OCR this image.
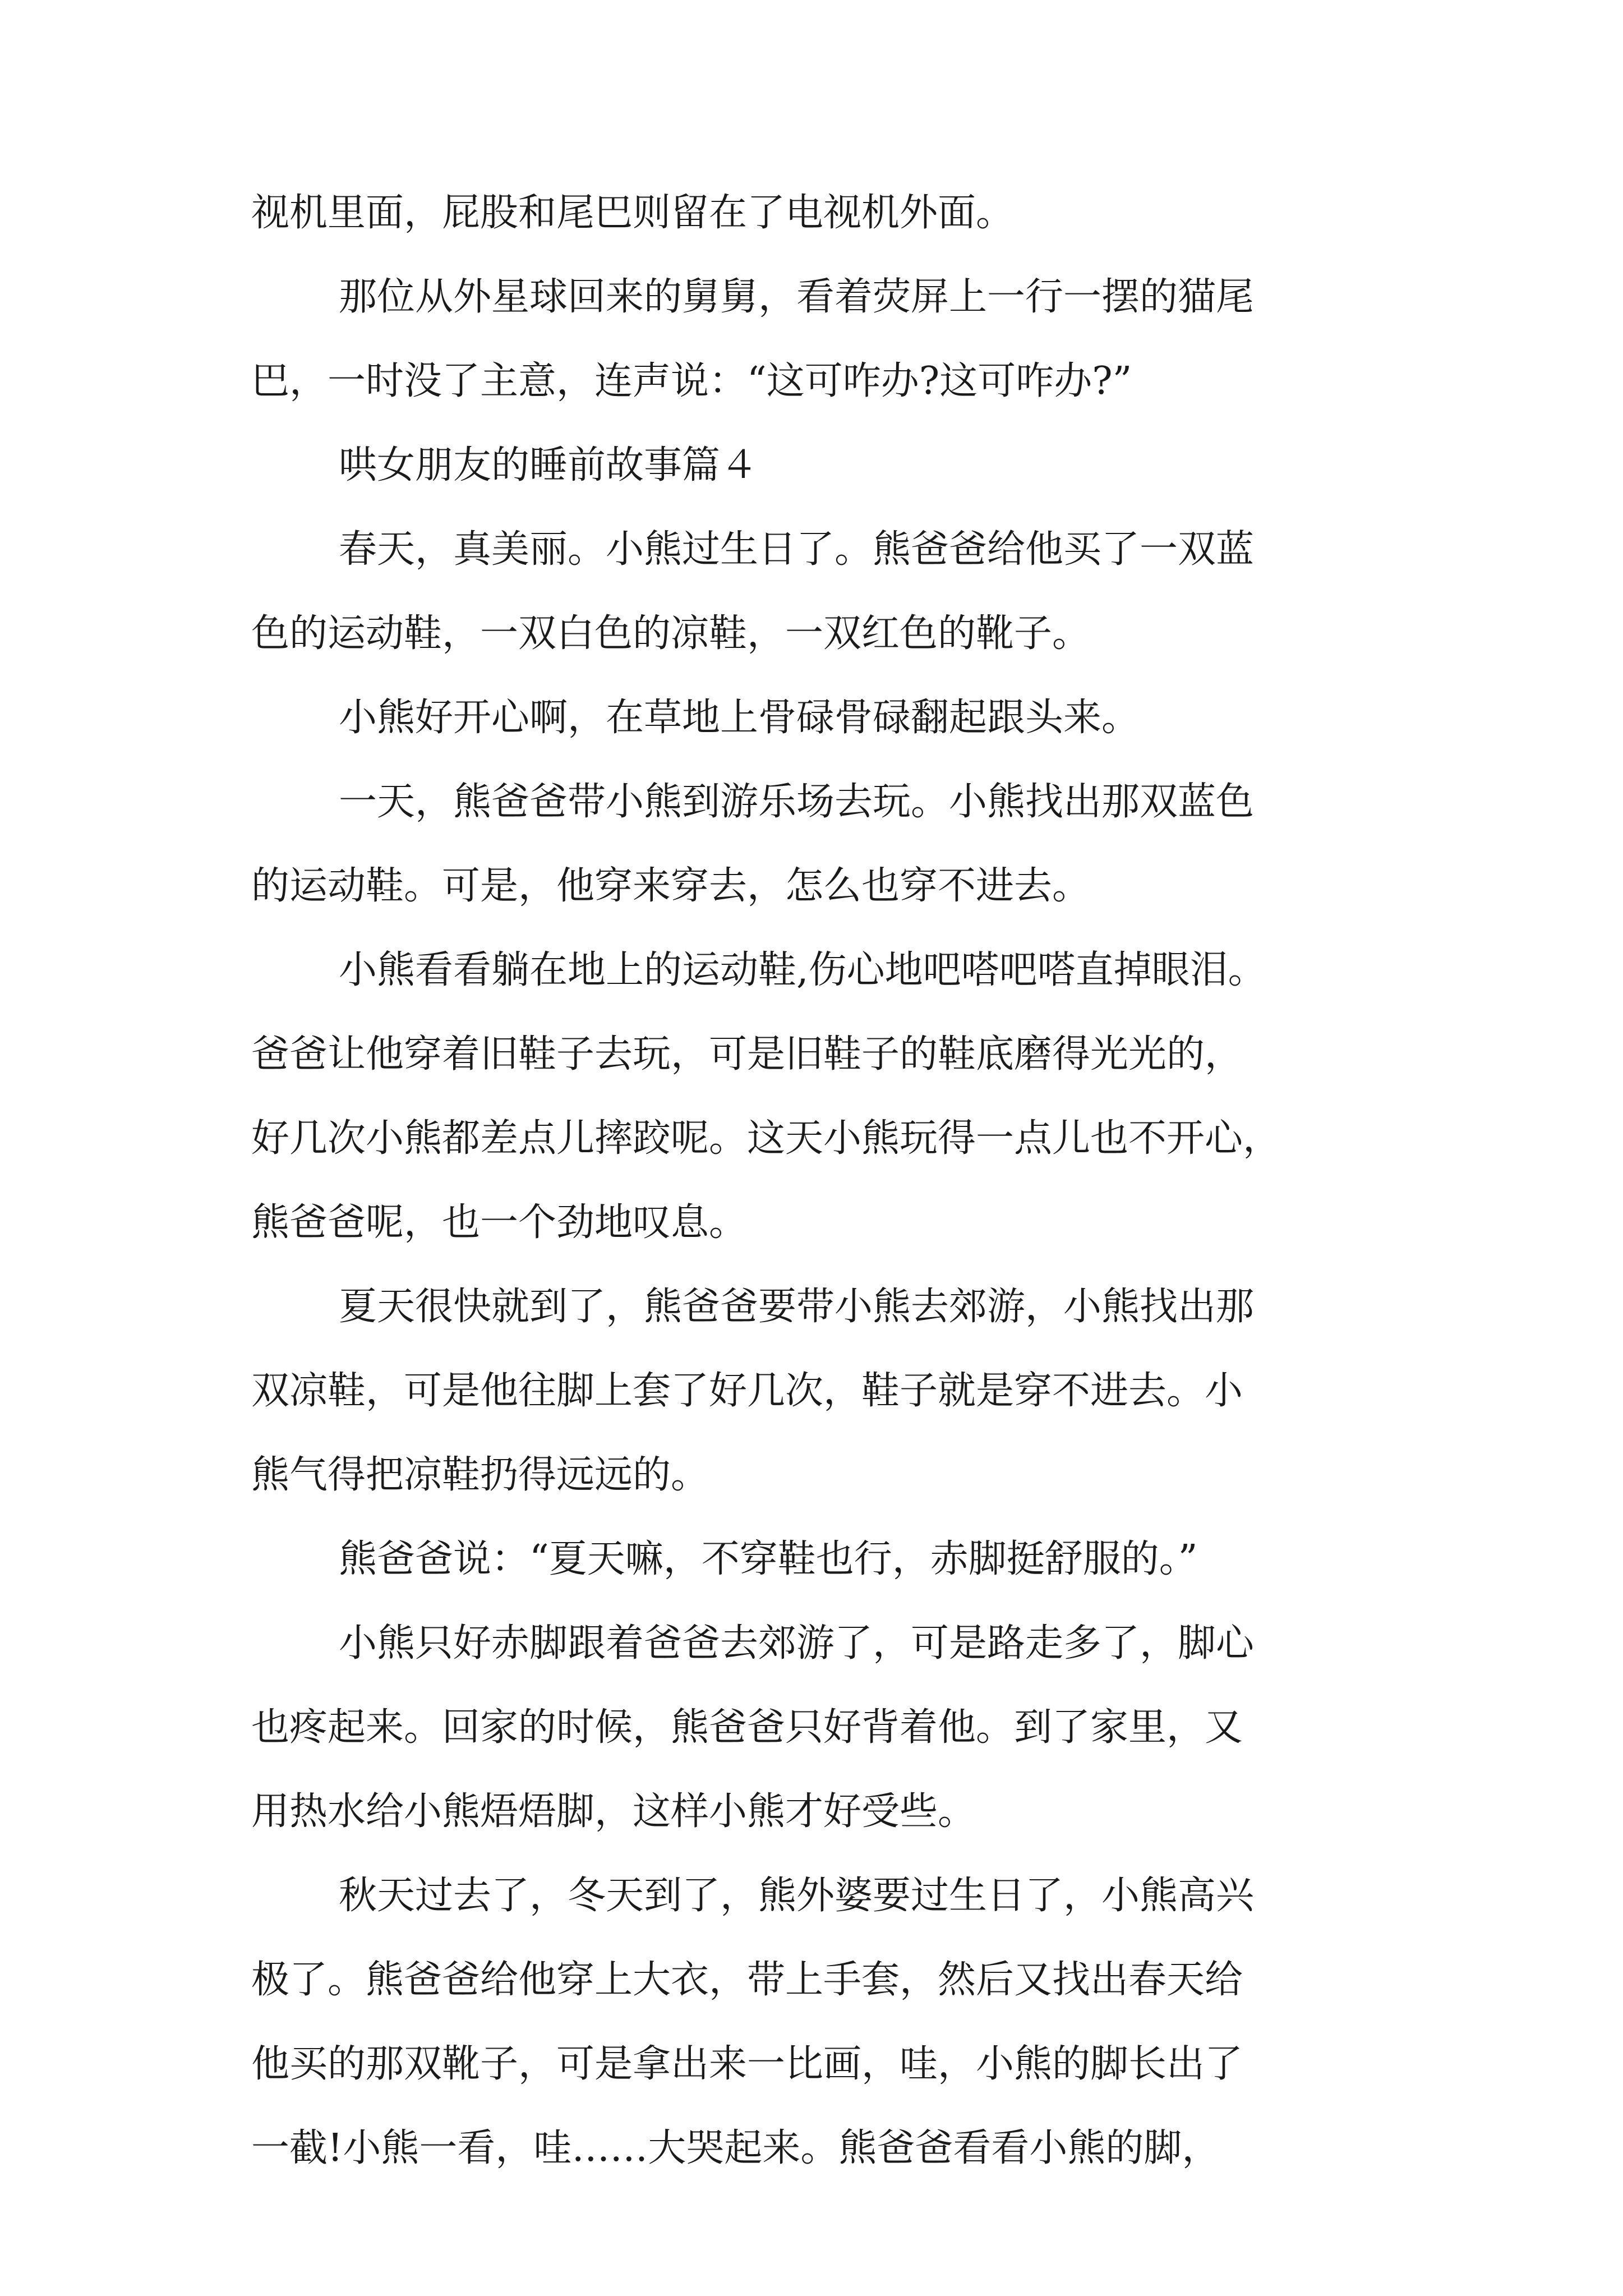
视机里面，屁股和尾巴则留在了电视机外面。
那位从外星球回来的舅舅，看着荧屏上一行一摆的猫尾
巴，一时没了主意，连声说：“这可咋办?这可咋办?”
哄女朋友的睡前故事篇４
春天，真美丽。小熊过生日了。熊爸爸给他买了一双蓝
色的运动鞋，一双白色的凉鞋，一双红色的靴子。
小熊好开心啊，在草地上骨碌骨碌翻起跟头来。
一天，熊爸爸带小熊到游乐场去玩。小熊找出那双蓝色
的运动鞋。可是，他穿来穿去，怎么也穿不进去。
小熊看看躺在地上的运动鞋,伤心地吧嗒吧嗒直掉眼泪。
爸爸让他穿着旧鞋子去玩，可是旧鞋子的鞋底磨得光光的，
好几次小熊都差点儿摔跤呢。这天小熊玩得一点儿也不开心，
熊爸爸呢，也一个劲地叹息。
夏天很快就到了，熊爸爸要带小熊去郊游，小熊找出那
双凉鞋，可是他往脚上套了好几次，鞋子就是穿不进去。小
熊气得把凉鞋扔得远远的。
熊爸爸说：“夏天嘛，不穿鞋也行，赤脚挺舒服的。”
小熊只好赤脚跟着爸爸去郊游了，可是路走多了，脚心
也疼起来。回家的时候，熊爸爸只好背着他。到了家里，又
用热水给小熊焐焐脚，这样小熊才好受些。
秋天过去了，冬天到了，熊外婆要过生日了，小熊高兴
极了。熊爸爸给他穿上大衣，带上手套，然后又找出春天给
他买的那双靴子，可是拿出来一比画，哇，小熊的脚长出了
一截!小熊一看，哇……大哭起来。熊爸爸看看小熊的脚，
